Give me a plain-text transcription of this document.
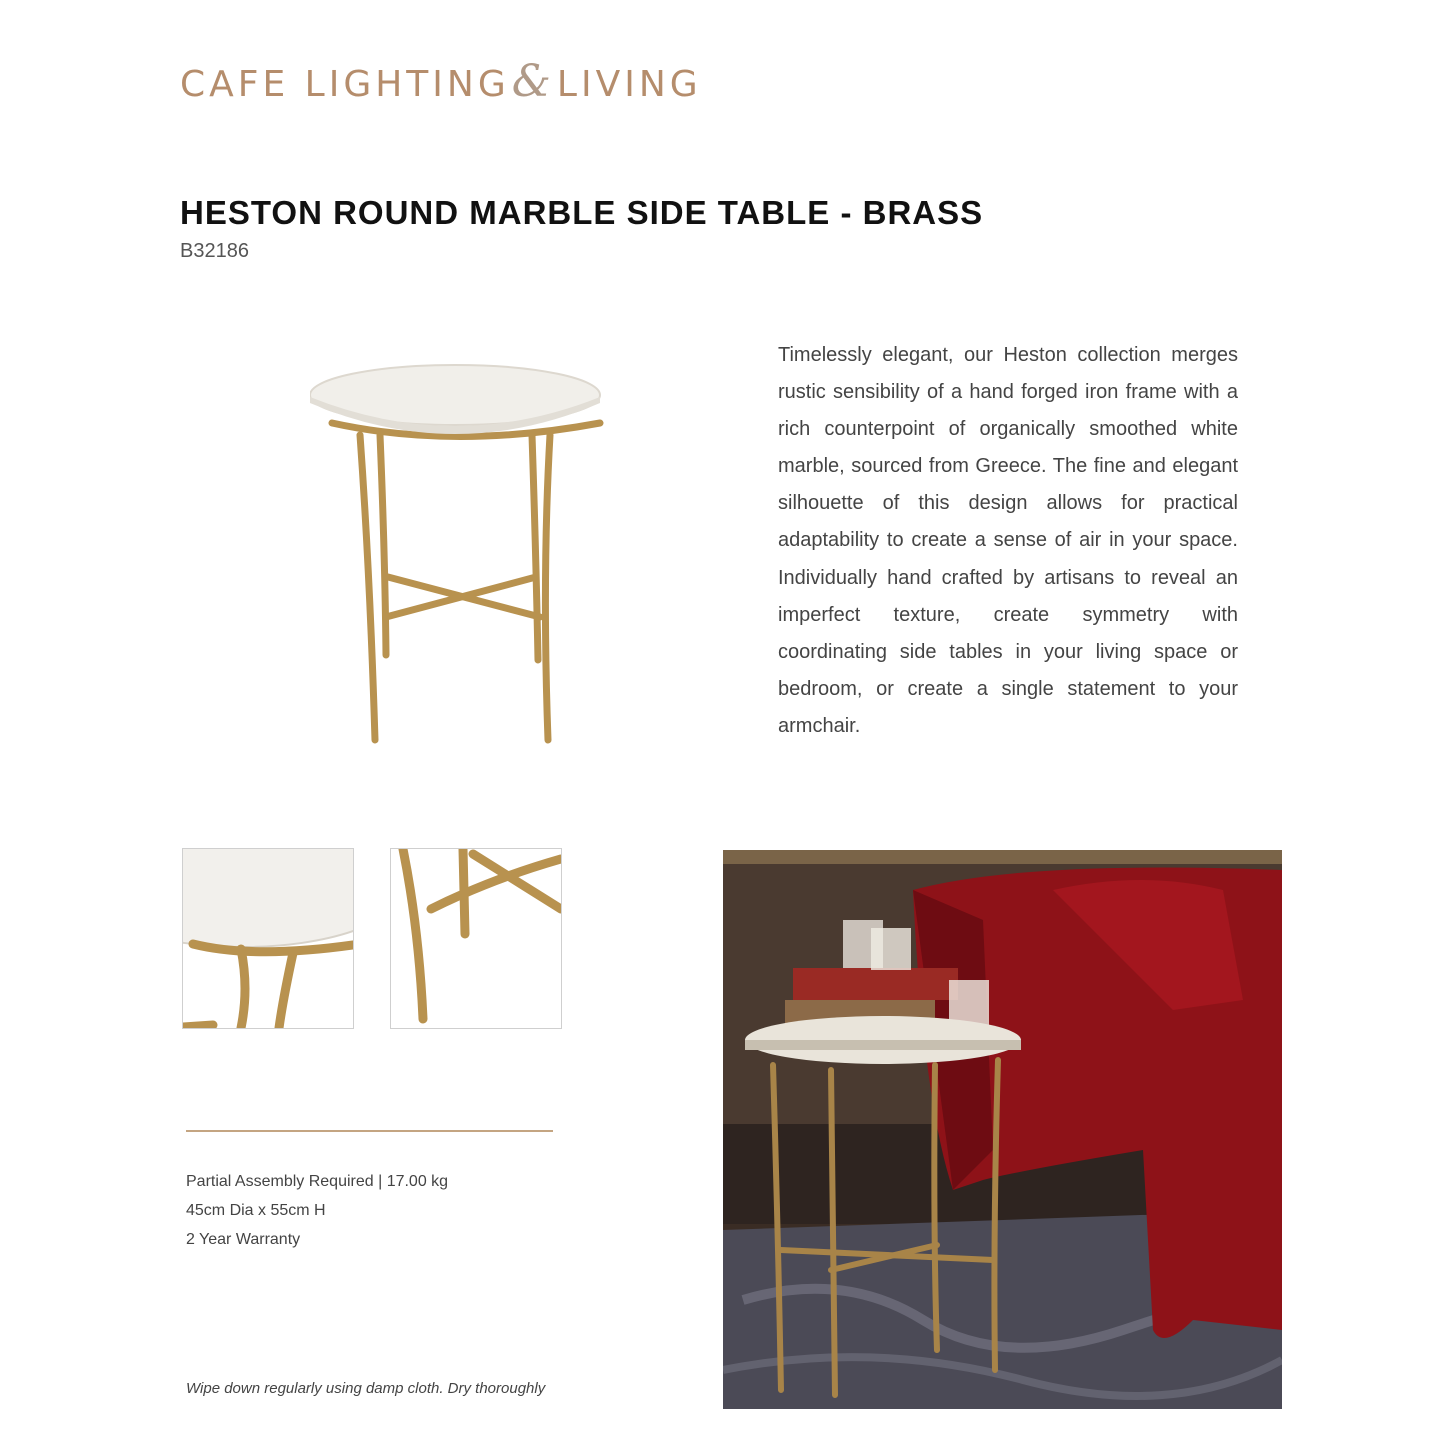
CAFE LIGHTING&LIVING
HESTON ROUND MARBLE SIDE TABLE - BRASS
B32186
Timelessly elegant, our Heston collection merges rustic sensibility of a hand forged iron frame with a rich counterpoint of organically smoothed white marble, sourced from Greece. The fine and elegant silhouette of this design allows for practical adaptability to create a sense of air in your space. Individually hand crafted by artisans to reveal an imperfect texture, create symmetry with coordinating side tables in your living space or bedroom, or create a single statement to your armchair.
Partial Assembly Required | 17.00 kg
45cm Dia x 55cm H
2 Year Warranty
Wipe down regularly using damp cloth. Dry thoroughly
